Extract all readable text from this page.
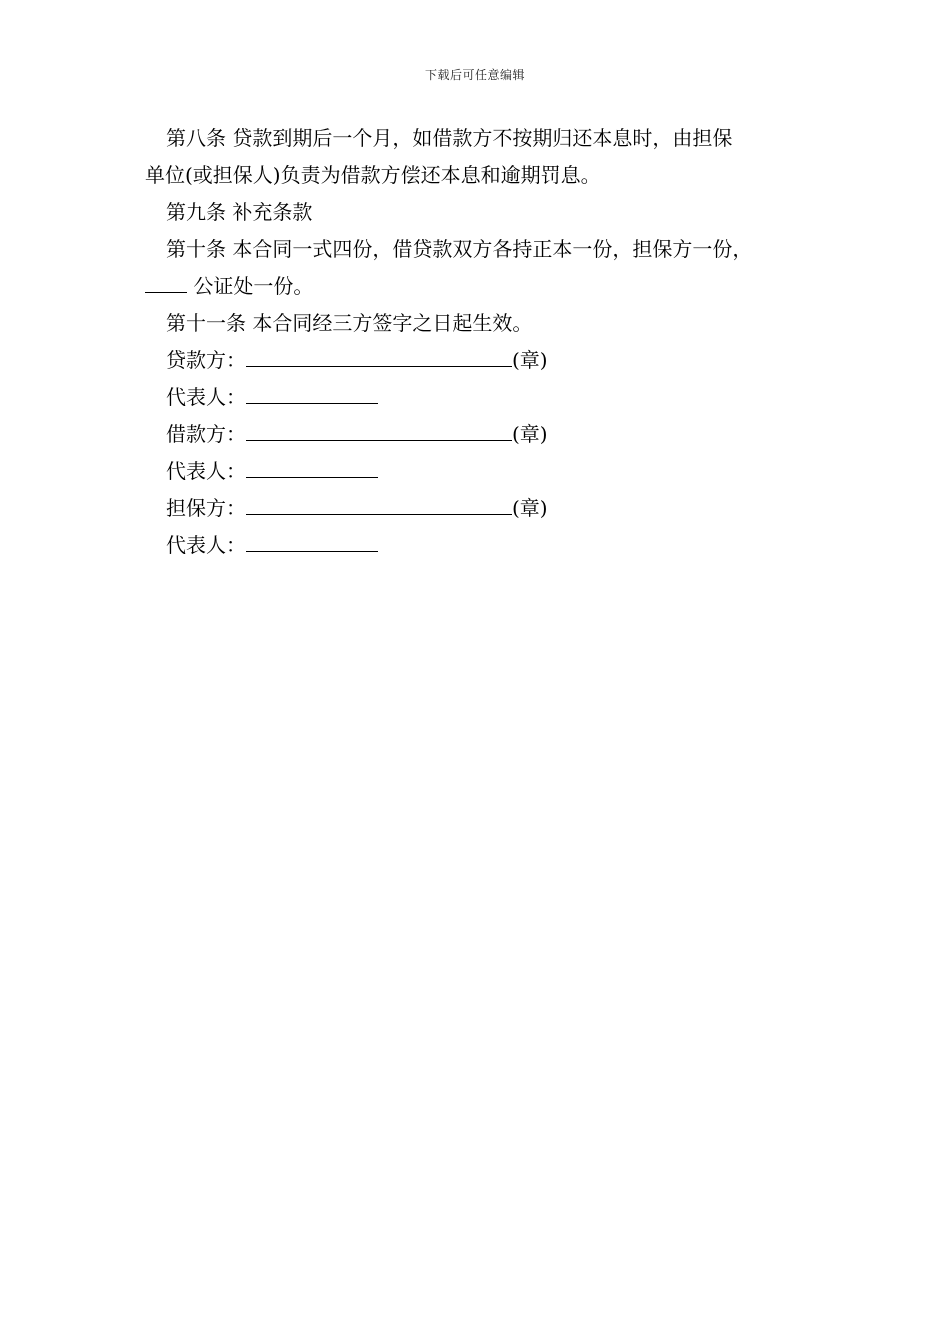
下载后可任意编辑

第八条 贷款到期后一个月，如借款方不按期归还本息时，由担保

单位(或担保人)负责为借款方偿还本息和逾期罚息。

第九条 补充条款

第十条 本合同一式四份，借贷款双方各持正本一份，担保方一份，

公证处一份。

第十一条 本合同经三方签字之日起生效。

贷款方：	(章)

代表人：

借款方：	(章)

代表人：

担保方：	(章)

代表人：
